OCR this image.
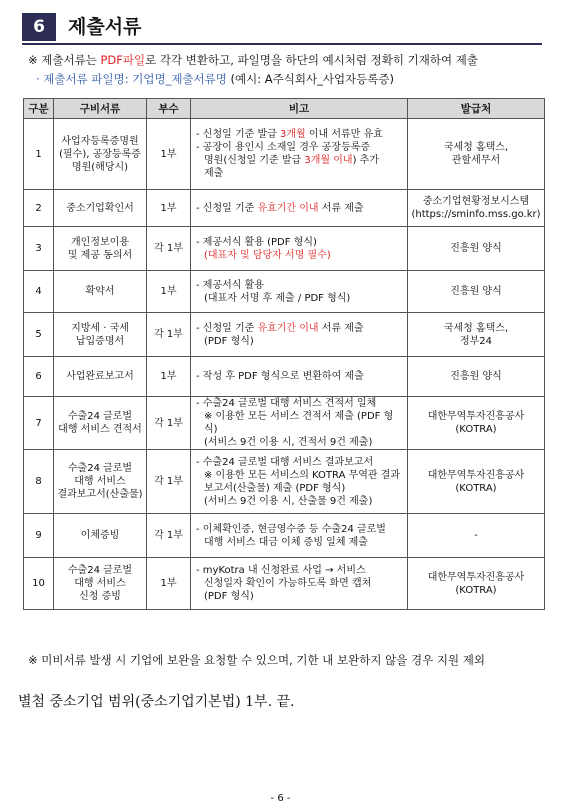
6	제출서류
※ 제출서류는 PDF파일로 각각 변환하고, 파일명을 하단의 예시처럼 정확히 기재하여 제출
· 제출서류 파일명: 기업명_제출서류명 (예시: A주식회사_사업자등록증)
구분	구비서류	부수	비고	발급처
1	사업자등록증명원
(필수), 공장등록증
명원(해당시)	1부	- 신청일 기준 발급 3개월 이내 서류만 유효
- 공장이 용인시 소재일 경우 공장등록증
명원(신청일 기준 발급 3개월 이내) 추가
제출	국세청 홈택스,
관할세무서

2	중소기업확인서	1부	- 신청일 기준 유효기간 이내 서류 제출	중소기업현황정보시스템
(https://sminfo.mss.go.kr)

3	개인정보이용
및 제공 동의서	각 1부	- 제공서식 활용 (PDF 형식)
(대표자 및 담당자 서명 필수)	진흥원 양식

4	확약서	1부	- 제공서식 활용
(대표자 서명 후 제출 / PDF 형식)	진흥원 양식

5	지방세 · 국세
납입증명서	각 1부	- 신청일 기준 유효기간 이내 서류 제출
(PDF 형식)	국세청 홈택스,
정부24

6	사업완료보고서	1부	- 작성 후 PDF 형식으로 변환하여 제출	진흥원 양식

7	수출24 글로벌
대행 서비스 견적서	각 1부	- 수출24 글로벌 대행 서비스 견적서 일체
※ 이용한 모든 서비스 견적서 제출 (PDF 형식)
(서비스 9건 이용 시, 견적서 9건 제출)	대한무역투자진흥공사
(KOTRA)

8	수출24 글로벌
대행 서비스
결과보고서(산출물)	각 1부	- 수출24 글로벌 대행 서비스 결과보고서
※ 이용한 모든 서비스의 KOTRA 무역관 결과
보고서(산출물) 제출 (PDF 형식)
(서비스 9건 이용 시, 산출물 9건 제출)	대한무역투자진흥공사
(KOTRA)

9	이체증빙	각 1부	- 이체확인증, 현금영수증 등 수출24 글로벌
대행 서비스 대금 이체 증빙 일체 제출	-

10	수출24 글로벌
대행 서비스
신청 증빙	1부	- myKotra 내 신청완료 사업 → 서비스
신청일자 확인이 가능하도록 화면 캡쳐
(PDF 형식)	대한무역투자진흥공사
(KOTRA)
※ 미비서류 발생 시 기업에 보완을 요청할 수 있으며, 기한 내 보완하지 않을 경우 지원 제외
별첨 중소기업 범위(중소기업기본법) 1부. 끝.
- 6 -
